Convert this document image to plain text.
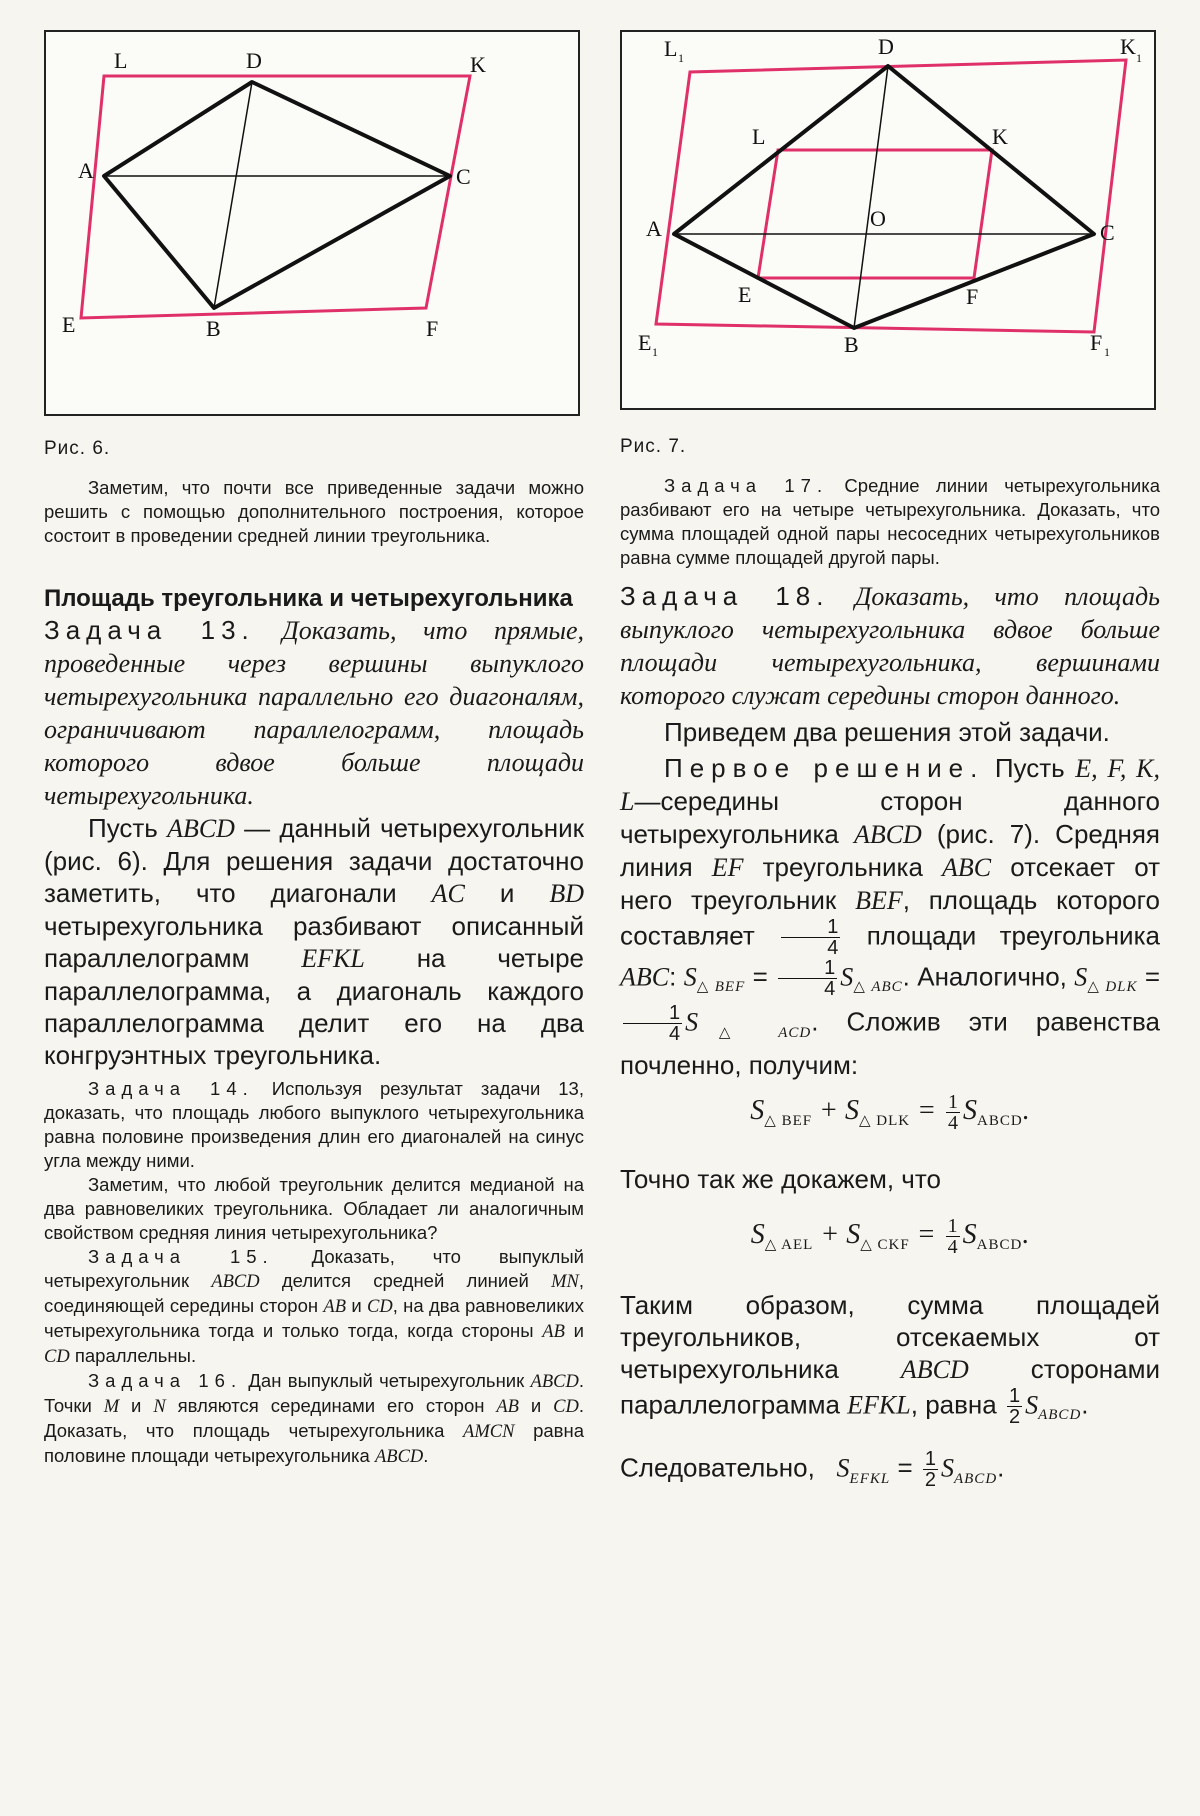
L	D	K
A	C
E	B	F
Рис. 6.

Заметим, что почти все приведенные задачи можно решить с помощью дополнительного построения, которое состоит в проведении средней линии треугольника.

Площадь треугольника и четырехугольника

Задача 13. Доказать, что прямые, проведенные через вершины выпуклого четырехугольника параллельно его диагоналям, ограничивают параллелограмм, площадь которого вдвое больше площади четырехугольника.

Пусть ABCD — данный четырехугольник (рис. 6). Для решения задачи достаточно заметить, что диагонали AC и BD четырехугольника разбивают описанный параллелограмм EFKL на четыре параллелограмма, а диагональ каждого параллелограмма делит его на два конгруэнтных треугольника.

Задача 14. Используя результат задачи 13, доказать, что площадь любого выпуклого четырехугольника равна половине произведения длин его диагоналей на синус угла между ними.

Заметим, что любой треугольник делится медианой на два равновеликих треугольника. Обладает ли аналогичным свойством средняя линия четырехугольника?

Задача 15. Доказать, что выпуклый четырехугольник ABCD делится средней линией MN, соединяющей середины сторон AB и CD, на два равновеликих четырехугольника тогда и только тогда, когда стороны AB и CD параллельны.

Задача 16. Дан выпуклый четырехугольник ABCD. Точки M и N являются серединами его сторон AB и CD. Доказать, что площадь четырехугольника AMCN равна половине площади четырехугольника ABCD.

L 1	D	K 1
L	K
A	O
C
E	F
E 1	B	F 1
Рис. 7.

Задача 17. Средние линии четырехугольника разбивают его на четыре четырехугольника. Доказать, что сумма площадей одной пары несоседних четырехугольников равна сумме площадей другой пары.

Задача 18. Доказать, что площадь выпуклого четырехугольника вдвое больше площади четырехугольника, вершинами которого служат середины сторон данного.

Приведем два решения этой задачи.

Первое решение. Пусть E, F, K, L—середины сторон данного четырехугольника ABCD (рис. 7). Средняя линия EF треугольника ABC отсекает от него треугольник BEF, площадь которого составляет $\frac{1}{4}$ площади треугольника ABC: $S_{\triangle BEF} = \frac{1}{4} S_{\triangle ABC}$. Аналогично, $S_{\triangle DLK}$ =
$\frac{1}{4} S_{\triangle ACD}$. Сложив эти равенства почленно, получим:

$S_{\triangle BEF} + S_{\triangle DLK} = \frac{1}{4} S_{ABCD}$.

Точно так же докажем, что

$S_{\triangle AEL} + S_{\triangle CKF} = \frac{1}{4} S_{ABCD}$.

Таким образом, сумма площадей треугольников, отсекаемых от четырехугольника ABCD сторонами параллелограмма EFKL, равна $\frac{1}{2} S_{ABCD}$.

Следовательно, $S_{EFKL} = \frac{1}{2} S_{ABCD}$.
